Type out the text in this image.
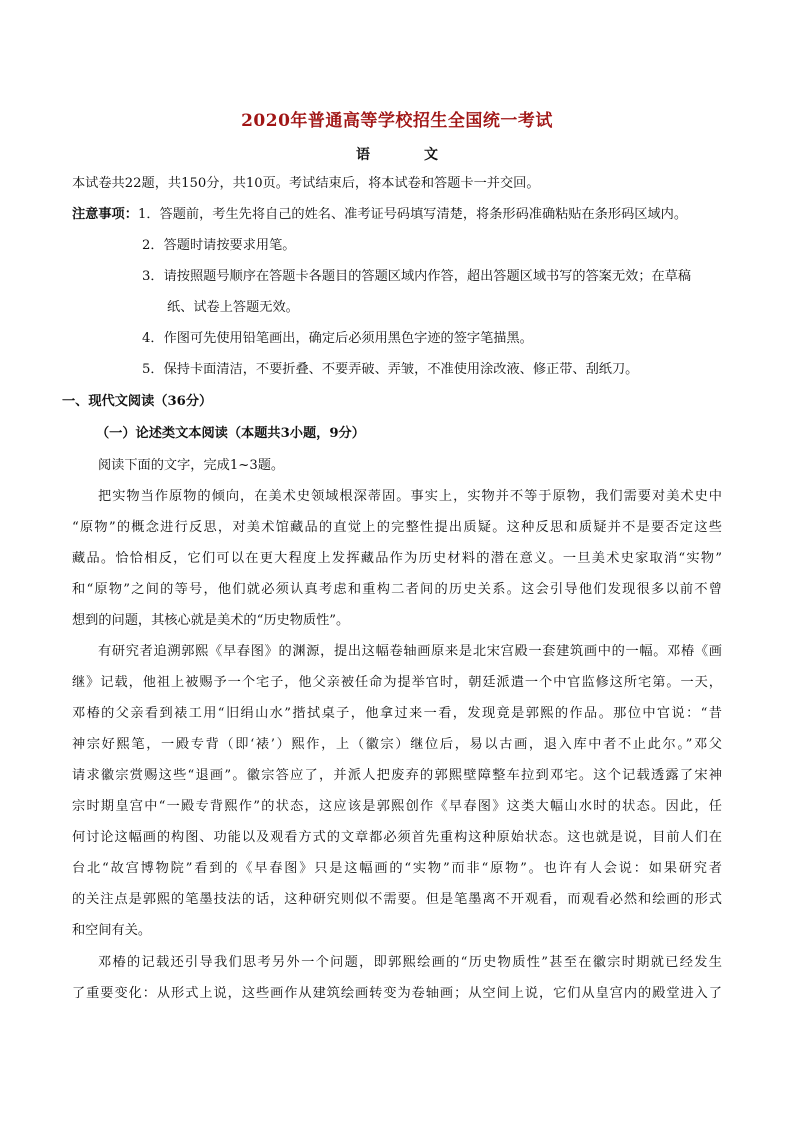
2020年普通高等学校招生全国统一考试
语　文
本试卷共22题，共150分，共10页。考试结束后，将本试卷和答题卡一并交回。
注意事项：1．答题前，考生先将自己的姓名、准考证号码填写清楚，将条形码准确粘贴在条形码区域内。
2．答题时请按要求用笔。
3．请按照题号顺序在答题卡各题目的答题区域内作答，超出答题区域书写的答案无效；在草稿
纸、试卷上答题无效。
4．作图可先使用铅笔画出，确定后必须用黑色字迹的签字笔描黑。
5．保持卡面清洁，不要折叠、不要弄破、弄皱，不准使用涂改液、修正带、刮纸刀。
一、现代文阅读（36分）
（一）论述类文本阅读（本题共3小题，9分）
阅读下面的文字，完成1~3题。
把实物当作原物的倾向，在美术史领域根深蒂固。事实上，实物并不等于原物，我们需要对美术史中
“原物”的概念进行反思，对美术馆藏品的直觉上的完整性提出质疑。这种反思和质疑并不是要否定这些
藏品。恰恰相反，它们可以在更大程度上发挥藏品作为历史材料的潜在意义。一旦美术史家取消“实物”
和“原物”之间的等号，他们就必须认真考虑和重构二者间的历史关系。这会引导他们发现很多以前不曾
想到的问题，其核心就是美术的“历史物质性”。
有研究者追溯郭熙《早春图》的渊源，提出这幅卷轴画原来是北宋宫殿一套建筑画中的一幅。邓椿《画
继》记载，他祖上被赐予一个宅子，他父亲被任命为提举官时，朝廷派遣一个中官监修这所宅第。一天，
邓椿的父亲看到裱工用“旧绢山水”揩拭桌子，他拿过来一看，发现竟是郭熙的作品。那位中官说：“昔
神宗好熙笔，一殿专背（即‘裱’）熙作，上（徽宗）继位后，易以古画，退入库中者不止此尔。”邓父
请求徽宗赏赐这些“退画”。徽宗答应了，并派人把废弃的郭熙壁障整车拉到邓宅。这个记载透露了宋神
宗时期皇宫中“一殿专背熙作”的状态，这应该是郭熙创作《早春图》这类大幅山水时的状态。因此，任
何讨论这幅画的构图、功能以及观看方式的文章都必须首先重构这种原始状态。这也就是说，目前人们在
台北“故宫博物院”看到的《早春图》只是这幅画的“实物”而非“原物”。也许有人会说：如果研究者
的关注点是郭熙的笔墨技法的话，这种研究则似不需要。但是笔墨离不开观看，而观看必然和绘画的形式
和空间有关。
邓椿的记载还引导我们思考另外一个问题，即郭熙绘画的“历史物质性”甚至在徽宗时期就已经发生
了重要变化：从形式上说，这些画作从建筑绘画转变为卷轴画；从空间上说，它们从皇宫内的殿堂进入了
